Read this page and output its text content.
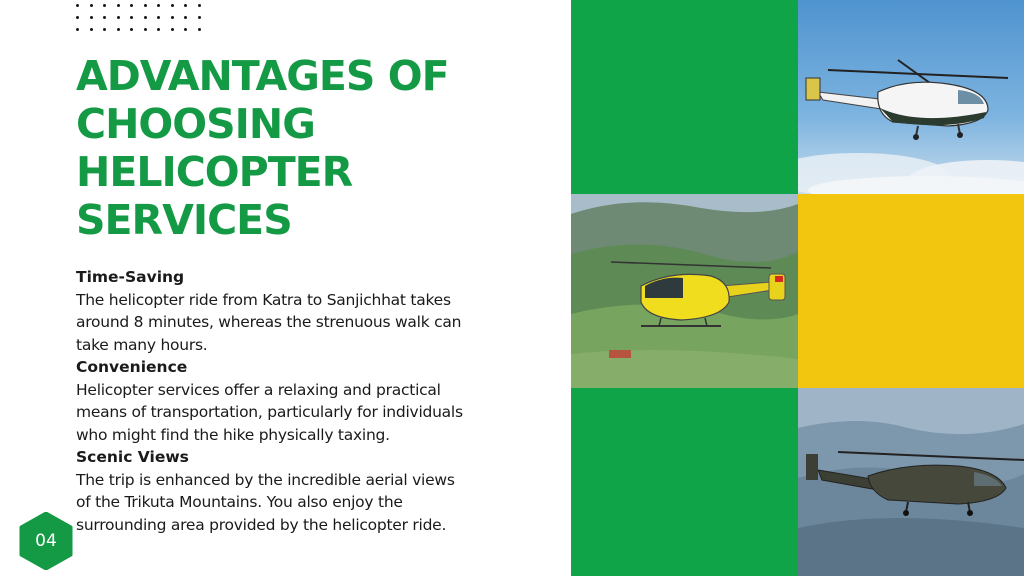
ADVANTAGES OF
CHOOSING
HELICOPTER
SERVICES
Time-Saving
The helicopter ride from Katra to Sanjichhat takes
around 8 minutes, whereas the strenuous walk can
take many hours.
Convenience
Helicopter services offer a relaxing and practical
means of transportation, particularly for individuals
who might find the hike physically taxing.
Scenic Views
The trip is enhanced by the incredible aerial views
of the Trikuta Mountains. You also enjoy the
surrounding area provided by the helicopter ride.
04
